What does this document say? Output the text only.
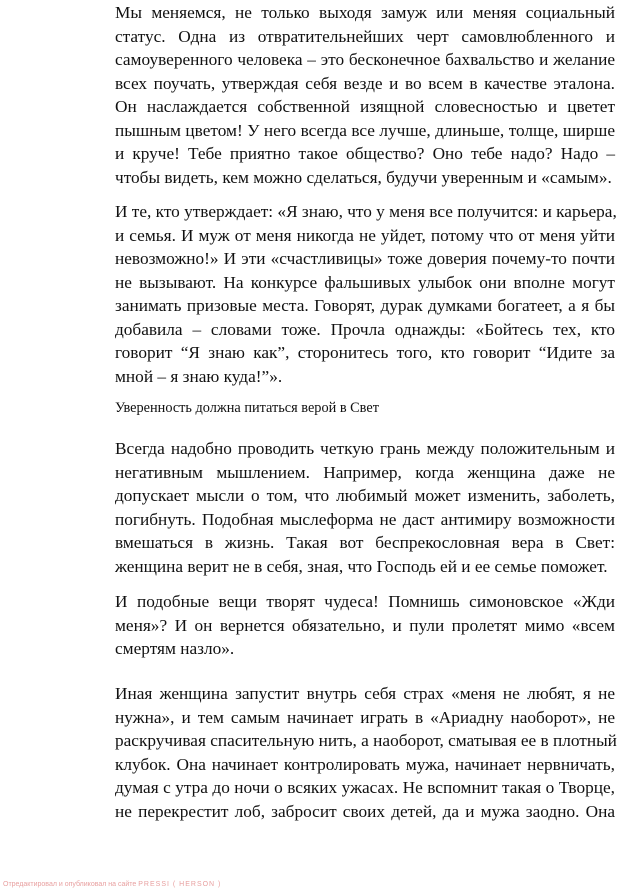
Мы меняемся, не только выходя замуж или меняя социальный
статус. Одна из отвратительнейших черт самовлюбленного и
самоуверенного человека – это бесконечное бахвальство и желание
всех поучать, утверждая себя везде и во всем в качестве эталона.
Он наслаждается собственной изящной словесностью и цветет
пышным цветом! У него всегда все лучше, длиньше, толще, ширше
и круче! Тебе приятно такое общество? Оно тебе надо? Надо –
чтобы видеть, кем можно сделаться, будучи уверенным и «самым».

И те, кто утверждает: «Я знаю, что у меня все получится: и карьера,
и семья. И муж от меня никогда не уйдет, потому что от меня уйти
невозможно!» И эти «счастливицы» тоже доверия почему-то почти
не вызывают. На конкурсе фальшивых улыбок они вполне могут
занимать призовые места. Говорят, дурак думками богатеет, а я бы
добавила – словами тоже. Прочла однажды: «Бойтесь тех, кто
говорит “Я знаю как”, сторонитесь того, кто говорит “Идите за
мной – я знаю куда!”».

Уверенность должна питаться верой в Свет

Всегда надобно проводить четкую грань между положительным и
негативным мышлением. Например, когда женщина даже не
допускает мысли о том, что любимый может изменить, заболеть,
погибнуть. Подобная мыслеформа не даст антимиру возможности
вмешаться в жизнь. Такая вот беспрекословная вера в Свет:
женщина верит не в себя, зная, что Господь ей и ее семье поможет.

И подобные вещи творят чудеса! Помнишь симоновское «Жди
меня»? И он вернется обязательно, и пули пролетят мимо «всем
смертям назло».

Иная женщина запустит внутрь себя страх «меня не любят, я не
нужна», и тем самым начинает играть в «Ариадну наоборот», не
раскручивая спасительную нить, а наоборот, сматывая ее в плотный
клубок. Она начинает контролировать мужа, начинает нервничать,
думая с утра до ночи о всяких ужасах. Не вспомнит такая о Творце,
не перекрестит лоб, забросит своих детей, да и мужа заодно. Она

Отредактировал и опубликовал на сайте PRESSI ( HERSON )
